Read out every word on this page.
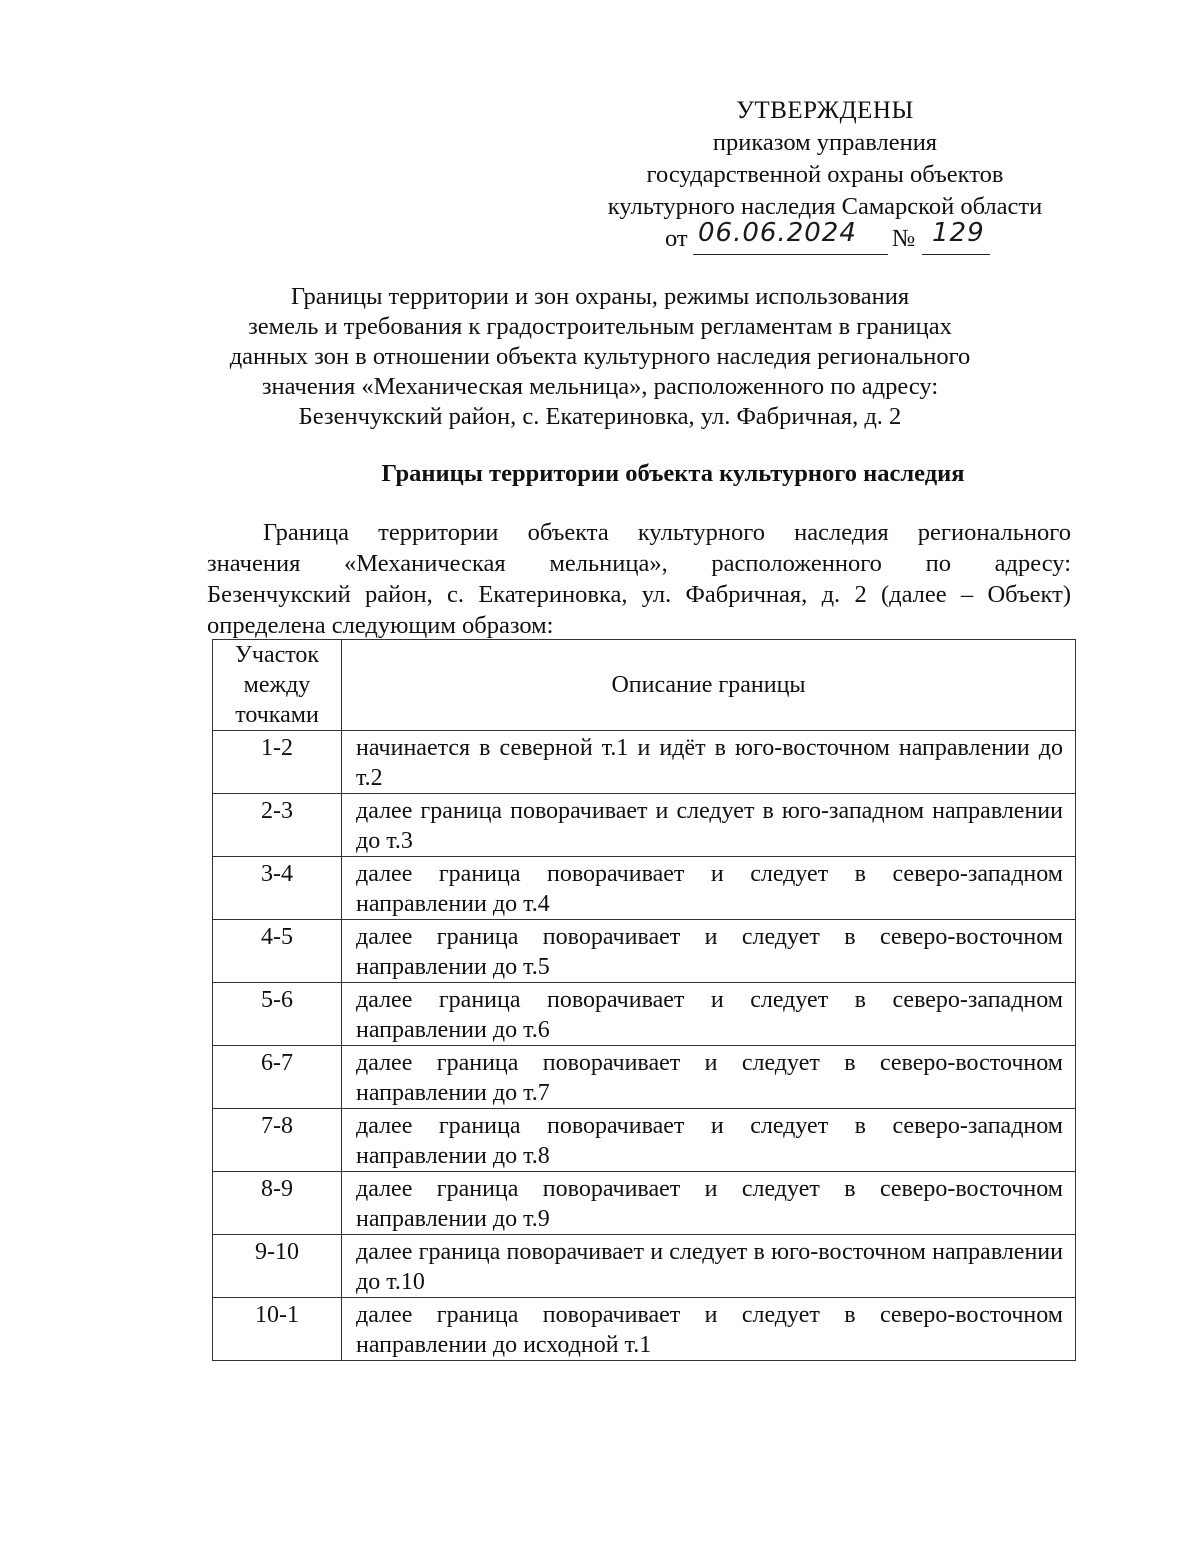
УТВЕРЖДЕНЫ
приказом управления
государственной охраны объектов
культурного наследия Самарской области
от 06.06.2024 № 129
Границы территории и зон охраны, режимы использования
земель и требования к градостроительным регламентам в границах
данных зон в отношении объекта культурного наследия регионального
значения «Механическая мельница», расположенного по адресу:
Безенчукский район, с. Екатериновка, ул. Фабричная, д. 2
Границы территории объекта культурного наследия
Граница территории объекта культурного наследия регионального
значения «Механическая мельница», расположенного по адресу:
Безенчукский район, с. Екатериновка, ул. Фабричная, д. 2 (далее – Объект)
определена следующим образом:
Участок между точками	Описание границы
1-2	начинается в северной т.1 и идёт в юго-восточном направлении до т.2
2-3	далее граница поворачивает и следует в юго-западном направлении до т.3
3-4	далее граница поворачивает и следует в северо-западном направлении до т.4
4-5	далее граница поворачивает и следует в северо-восточном направлении до т.5
5-6	далее граница поворачивает и следует в северо-западном направлении до т.6
6-7	далее граница поворачивает и следует в северо-восточном направлении до т.7
7-8	далее граница поворачивает и следует в северо-западном направлении до т.8
8-9	далее граница поворачивает и следует в северо-восточном направлении до т.9
9-10	далее граница поворачивает и следует в юго-восточном направлении до т.10
10-1	далее граница поворачивает и следует в северо-восточном направлении до исходной т.1
